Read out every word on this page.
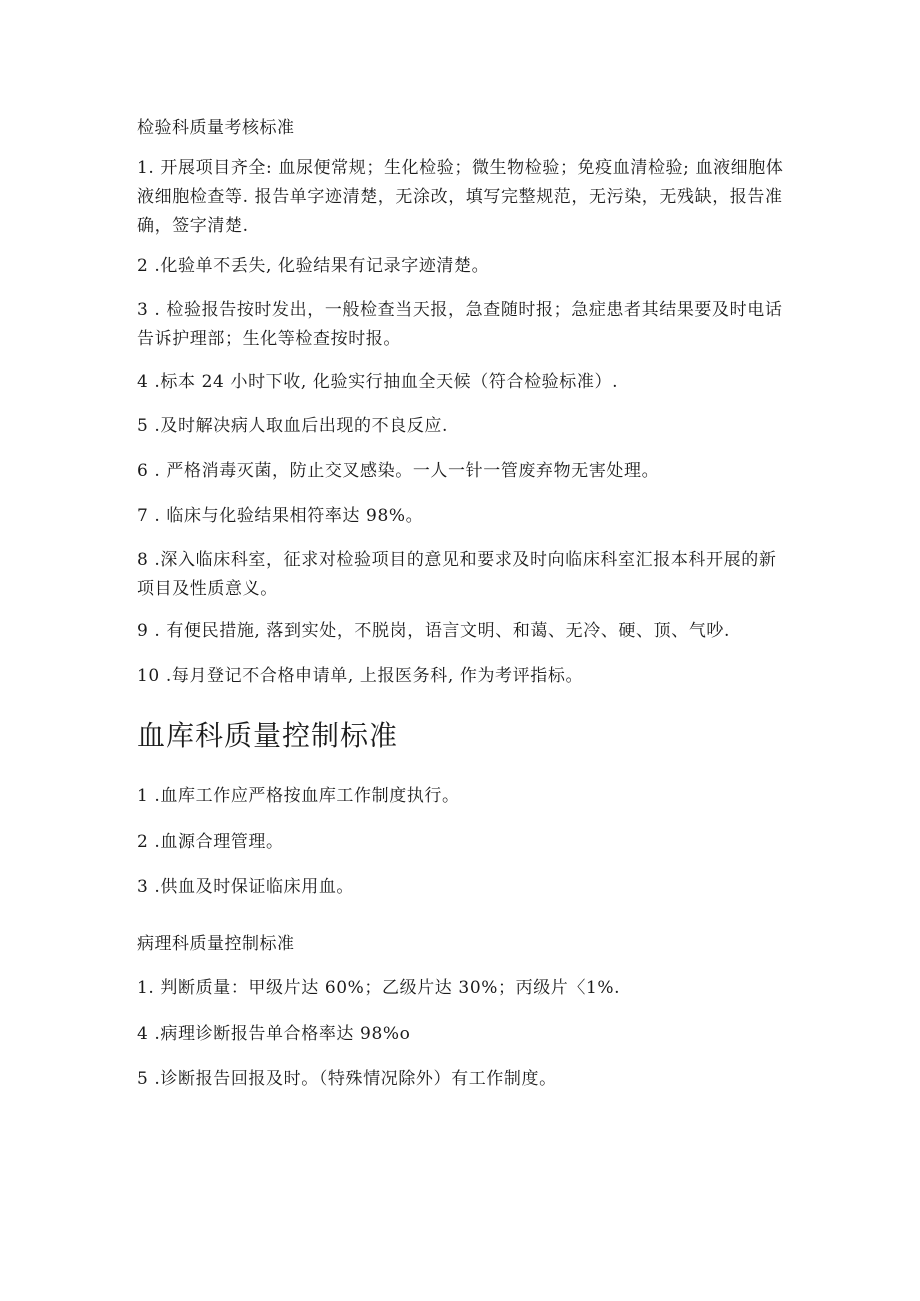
检验科质量考核标准

1. 开展项目齐全: 血尿便常规；生化检验；微生物检验；免疫血清检验; 血液细胞体液细胞检查等. 报告单字迹清楚，无涂改，填写完整规范，无污染，无残缺，报告准确，签字清楚.

2 .化验单不丢失, 化验结果有记录字迹清楚。

3 . 检验报告按时发出，一般检查当天报，急查随时报；急症患者其结果要及时电话告诉护理部；生化等检查按时报。

4 .标本 24 小时下收, 化验实行抽血全天候（符合检验标准）.

5 .及时解决病人取血后出现的不良反应.

6 . 严格消毒灭菌，防止交叉感染。一人一针一管废弃物无害处理。

7 . 临床与化验结果相符率达 98%。

8 .深入临床科室，征求对检验项目的意见和要求及时向临床科室汇报本科开展的新项目及性质意义。

9 . 有便民措施, 落到实处，不脱岗，语言文明、和蔼、无冷、硬、顶、气吵.

10 .每月登记不合格申请单, 上报医务科, 作为考评指标。

血库科质量控制标准

1 .血库工作应严格按血库工作制度执行。

2 .血源合理管理。

3 .供血及时保证临床用血。

病理科质量控制标准

1. 判断质量：甲级片达 60%；乙级片达 30%；丙级片〈1%.

4 .病理诊断报告单合格率达 98%o

5 .诊断报告回报及时。（特殊情况除外）有工作制度。
